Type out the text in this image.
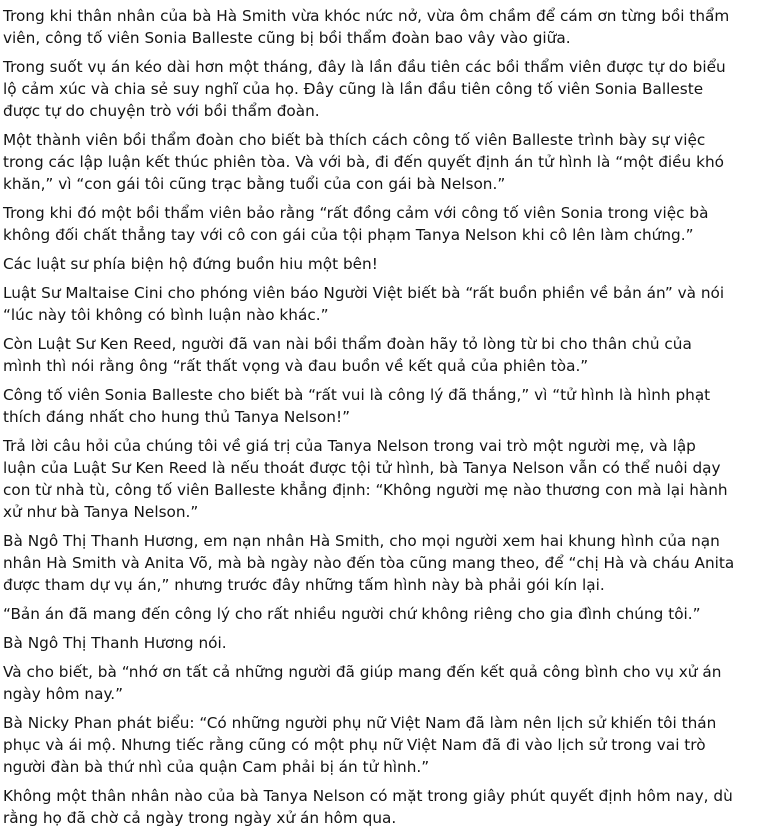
Trong khi thân nhân của bà Hà Smith vừa khóc nức nở, vừa ôm chầm để cám ơn từng bồi thẩm
viên, công tố viên Sonia Balleste cũng bị bồi thẩm đoàn bao vây vào giữa.
Trong suốt vụ án kéo dài hơn một tháng, đây là lần đầu tiên các bồi thẩm viên được tự do biểu
lộ cảm xúc và chia sẻ suy nghĩ của họ. Đây cũng là lần đầu tiên công tố viên Sonia Balleste
được tự do chuyện trò với bồi thẩm đoàn.
Một thành viên bồi thẩm đoàn cho biết bà thích cách công tố viên Balleste trình bày sự việc
trong các lập luận kết thúc phiên tòa. Và với bà, đi đến quyết định án tử hình là “một điều khó
khăn,” vì “con gái tôi cũng trạc bằng tuổi của con gái bà Nelson.”
Trong khi đó một bồi thẩm viên bảo rằng “rất đồng cảm với công tố viên Sonia trong việc bà
không đối chất thẳng tay với cô con gái của tội phạm Tanya Nelson khi cô lên làm chứng.”
Các luật sư phía biện hộ đứng buồn hiu một bên!
Luật Sư Maltaise Cini cho phóng viên báo Người Việt biết bà “rất buồn phiền về bản án” và nói
“lúc này tôi không có bình luận nào khác.”
Còn Luật Sư Ken Reed, người đã van nài bồi thẩm đoàn hãy tỏ lòng từ bi cho thân chủ của
mình thì nói rằng ông “rất thất vọng và đau buồn về kết quả của phiên tòa.”
Công tố viên Sonia Balleste cho biết bà “rất vui là công lý đã thắng,” vì “tử hình là hình phạt
thích đáng nhất cho hung thủ Tanya Nelson!”
Trả lời câu hỏi của chúng tôi về giá trị của Tanya Nelson trong vai trò một người mẹ, và lập
luận của Luật Sư Ken Reed là nếu thoát được tội tử hình, bà Tanya Nelson vẫn có thể nuôi dạy
con từ nhà tù, công tố viên Balleste khẳng định: “Không người mẹ nào thương con mà lại hành
xử như bà Tanya Nelson.”
Bà Ngô Thị Thanh Hương, em nạn nhân Hà Smith, cho mọi người xem hai khung hình của nạn
nhân Hà Smith và Anita Võ, mà bà ngày nào đến tòa cũng mang theo, để “chị Hà và cháu Anita
được tham dự vụ án,” nhưng trước đây những tấm hình này bà phải gói kín lại.
“Bản án đã mang đến công lý cho rất nhiều người chứ không riêng cho gia đình chúng tôi.”
Bà Ngô Thị Thanh Hương nói.
Và cho biết, bà “nhớ ơn tất cả những người đã giúp mang đến kết quả công bình cho vụ xử án
ngày hôm nay.”
Bà Nicky Phan phát biểu: “Có những người phụ nữ Việt Nam đã làm nên lịch sử khiến tôi thán
phục và ái mộ. Nhưng tiếc rằng cũng có một phụ nữ Việt Nam đã đi vào lịch sử trong vai trò
người đàn bà thứ nhì của quận Cam phải bị án tử hình.”
Không một thân nhân nào của bà Tanya Nelson có mặt trong giây phút quyết định hôm nay, dù
rằng họ đã chờ cả ngày trong ngày xử án hôm qua.
